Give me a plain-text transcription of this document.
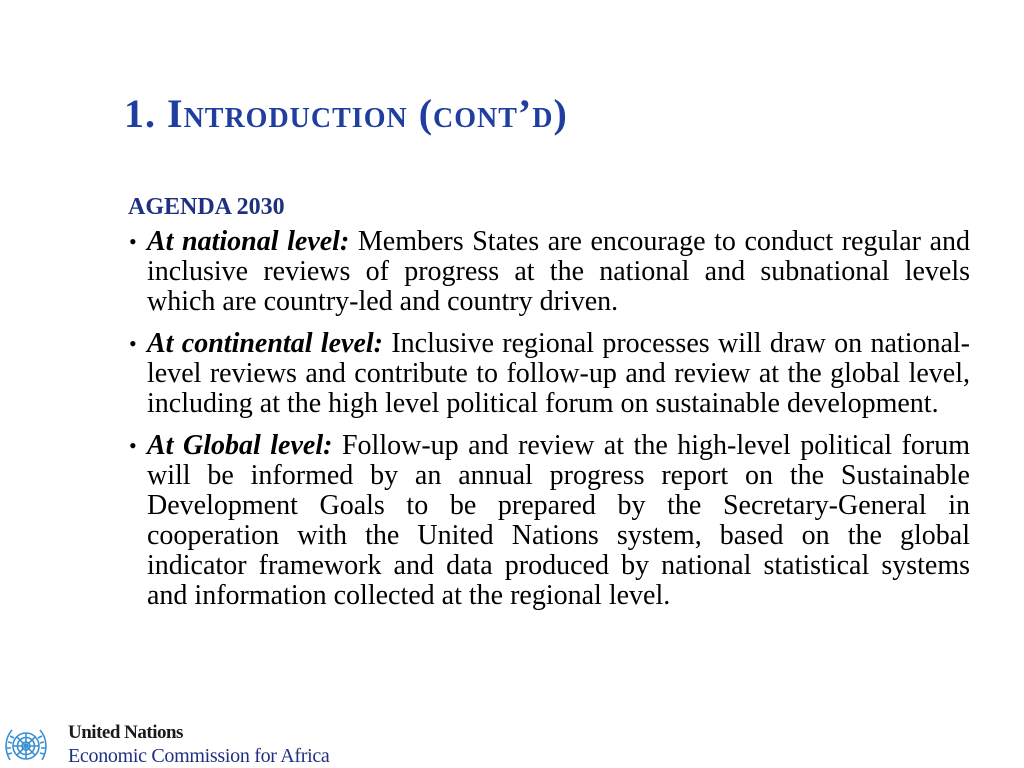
1. Introduction (cont’d)
AGENDA 2030
• At national level: Members States are encourage to conduct regular and inclusive reviews of progress at the national and subnational levels which are country-led and country driven.
• At continental level: Inclusive regional processes will draw on national-level reviews and contribute to follow-up and review at the global level, including at the high level political forum on sustainable development.
• At Global level: Follow-up and review at the high-level political forum will be informed by an annual progress report on the Sustainable Development Goals to be prepared by the Secretary-General in cooperation with the United Nations system, based on the global indicator framework and data produced by national statistical systems and information collected at the regional level.
United Nations
Economic Commission for Africa
